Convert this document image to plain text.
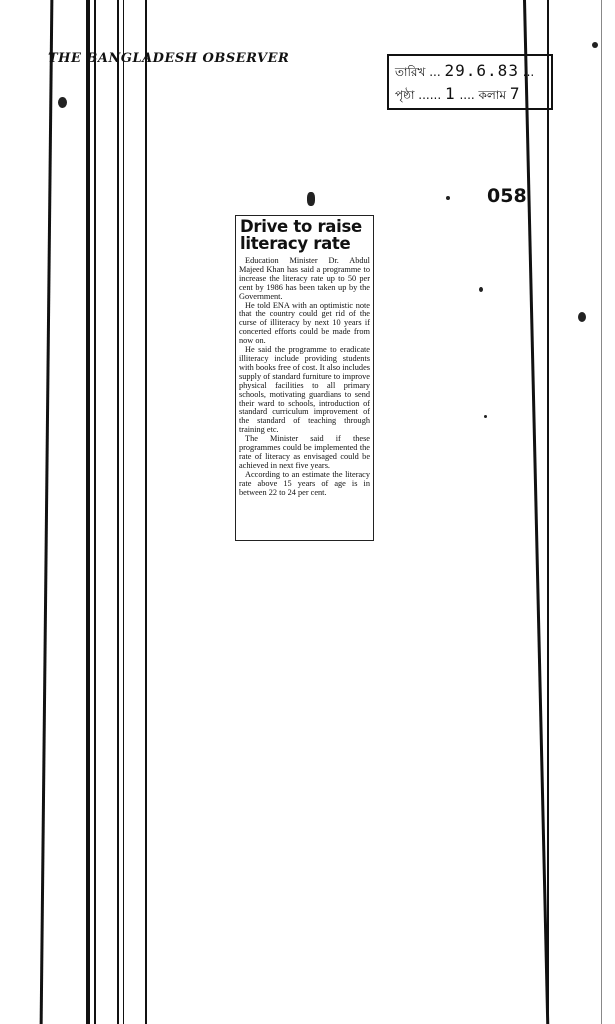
THE BANGLADESH OBSERVER
তারিখ ... 29.6.83 ...
পৃষ্ঠা ...... 1 .... কলাম 7
058
Drive to raise literacy rate

Education Minister Dr. Abdul Majeed Khan has said a programme to increase the literacy rate up to 50 per cent by 1986 has been taken up by the Government.

He told ENA with an optimistic note that the country could get rid of the curse of illiteracy by next 10 years if concerted efforts could be made from now on.

He said the programme to eradicate illiteracy include providing students with books free of cost. It also includes supply of standard furniture to improve physical facilities to all primary schools, motivating guardians to send their ward to schools, introduction of standard curriculum improvement of the standard of teaching through training etc.

The Minister said if these programmes could be implemented the rate of literacy as envisaged could be achieved in next five years.

According to an estimate the literacy rate above 15 years of age is in between 22 to 24 per cent.
